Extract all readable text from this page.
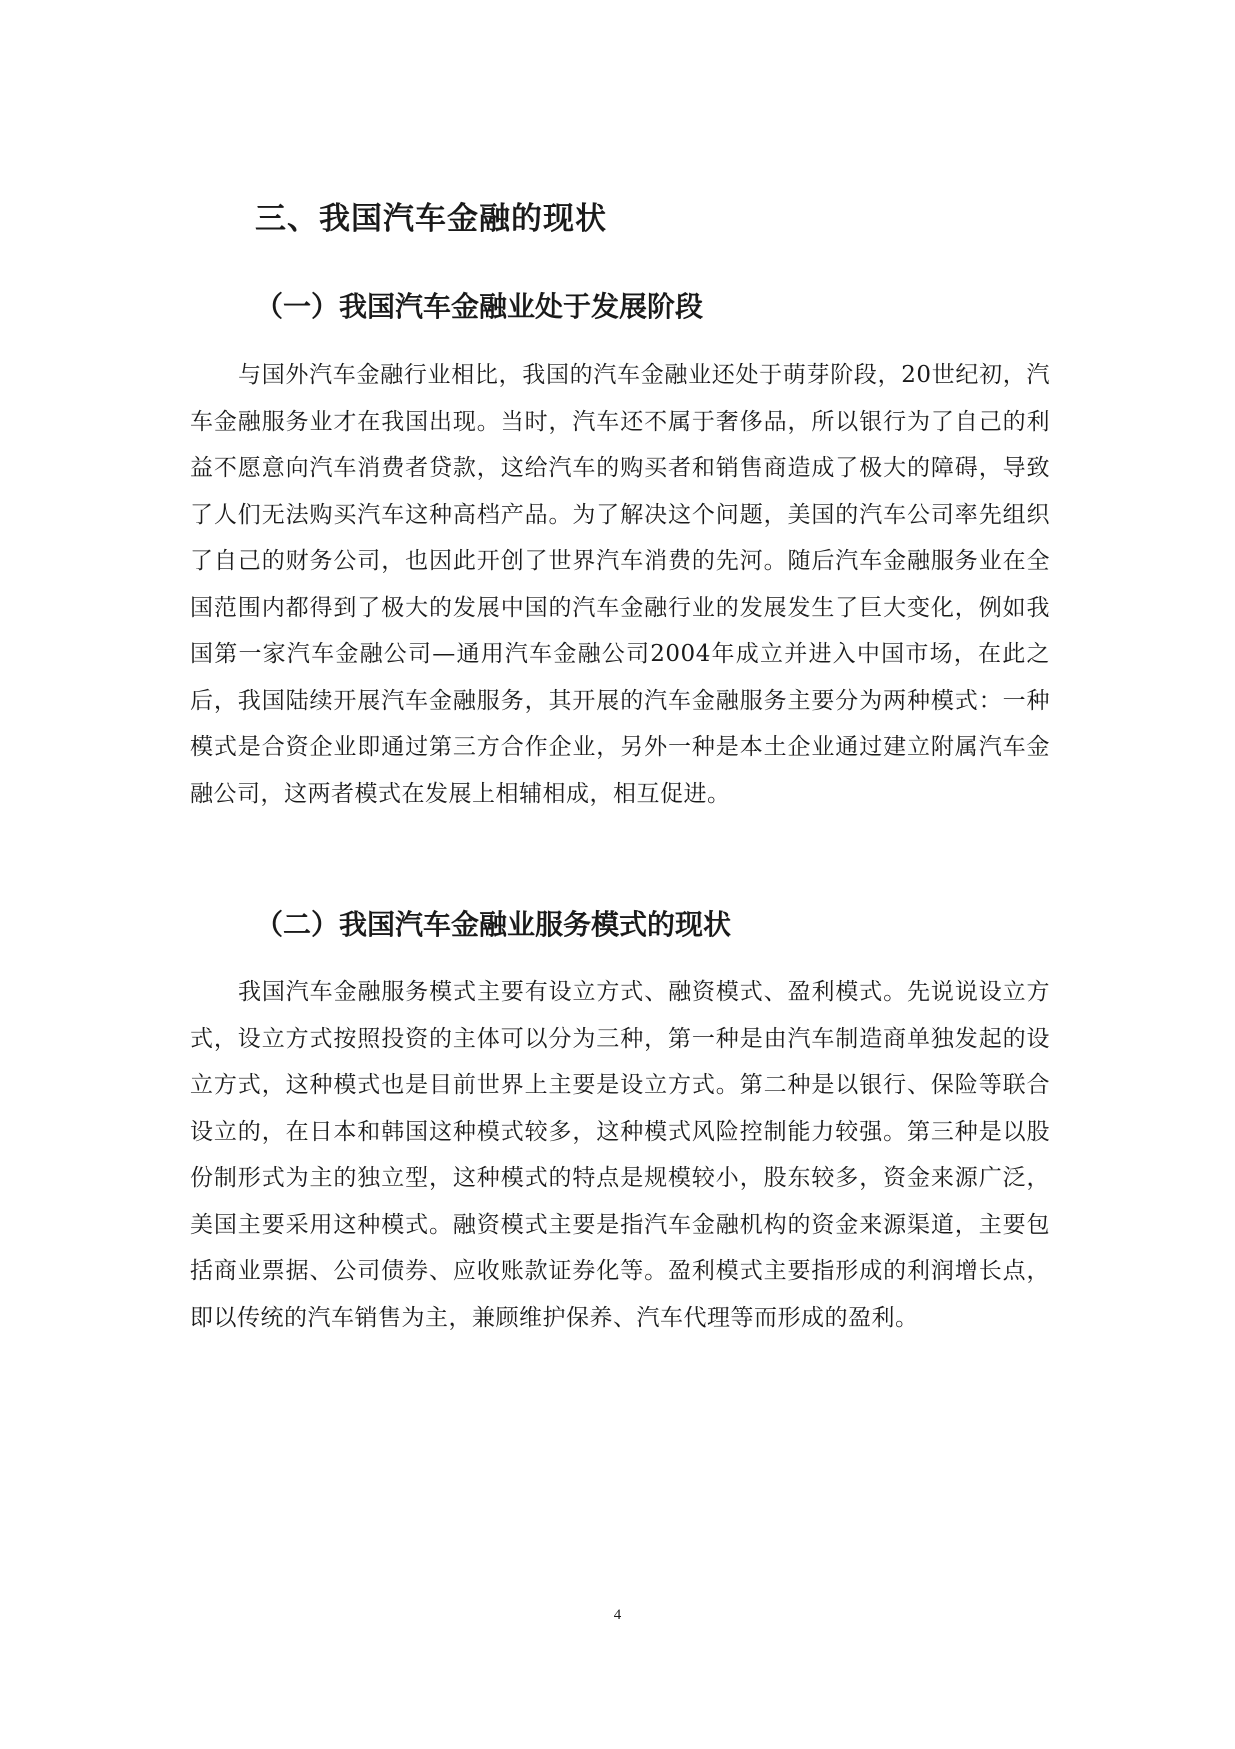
三、我国汽车金融的现状
（一）我国汽车金融业处于发展阶段

与国外汽车金融行业相比，我国的汽车金融业还处于萌芽阶段，20世纪初，汽车金融服务业才在我国出现。当时，汽车还不属于奢侈品，所以银行为了自己的利益不愿意向汽车消费者贷款，这给汽车的购买者和销售商造成了极大的障碍，导致了人们无法购买汽车这种高档产品。为了解决这个问题，美国的汽车公司率先组织了自己的财务公司，也因此开创了世界汽车消费的先河。随后汽车金融服务业在全国范围内都得到了极大的发展中国的汽车金融行业的发展发生了巨大变化，例如我国第一家汽车金融公司—通用汽车金融公司2004年成立并进入中国市场，在此之后，我国陆续开展汽车金融服务，其开展的汽车金融服务主要分为两种模式：一种模式是合资企业即通过第三方合作企业，另外一种是本土企业通过建立附属汽车金融公司，这两者模式在发展上相辅相成，相互促进。

（二）我国汽车金融业服务模式的现状

我国汽车金融服务模式主要有设立方式、融资模式、盈利模式。先说说设立方式，设立方式按照投资的主体可以分为三种，第一种是由汽车制造商单独发起的设立方式，这种模式也是目前世界上主要是设立方式。第二种是以银行、保险等联合设立的，在日本和韩国这种模式较多，这种模式风险控制能力较强。第三种是以股份制形式为主的独立型，这种模式的特点是规模较小，股东较多，资金来源广泛，美国主要采用这种模式。融资模式主要是指汽车金融机构的资金来源渠道，主要包括商业票据、公司债券、应收账款证券化等。盈利模式主要指形成的利润增长点，即以传统的汽车销售为主，兼顾维护保养、汽车代理等而形成的盈利。

4
